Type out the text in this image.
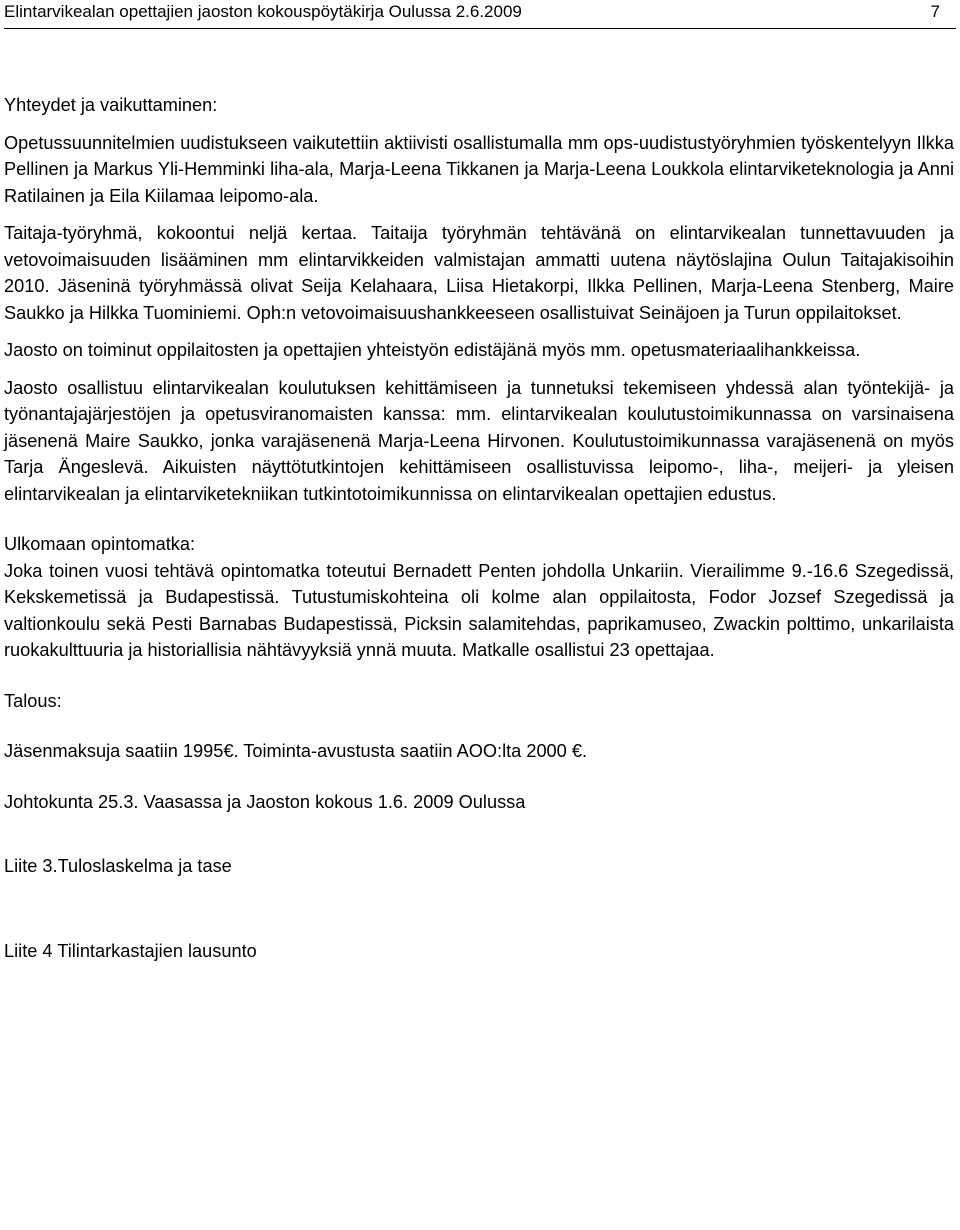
Elintarvikealan opettajien jaoston kokouspöytäkirja Oulussa 2.6.2009	7

Yhteydet ja vaikuttaminen:

Opetussuunnitelmien uudistukseen vaikutettiin aktiivisti osallistumalla mm ops-uudistustyöryhmien työskentelyyn Ilkka Pellinen ja Markus Yli-Hemminki liha-ala, Marja-Leena Tikkanen ja Marja-Leena Loukkola elintarviketeknologia ja Anni Ratilainen ja Eila Kiilamaa leipomo-ala.

Taitaja-työryhmä, kokoontui neljä kertaa. Taitaija työryhmän tehtävänä on elintarvikealan tunnettavuuden ja vetovoimaisuuden lisääminen mm elintarvikkeiden valmistajan ammatti uutena näytöslajina Oulun Taitajakisoihin 2010. Jäseninä työryhmässä olivat Seija Kelahaara, Liisa Hietakorpi, Ilkka Pellinen, Marja-Leena Stenberg, Maire Saukko ja Hilkka Tuominiemi. Oph:n vetovoimaisuushankkeeseen osallistuivat Seinäjoen ja Turun oppilaitokset.

Jaosto on toiminut oppilaitosten ja opettajien yhteistyön edistäjänä myös mm. opetusmateriaalihankkeissa.

Jaosto osallistuu elintarvikealan koulutuksen kehittämiseen ja tunnetuksi tekemiseen yhdessä alan työntekijä- ja työnantajajärjestöjen ja opetusviranomaisten kanssa: mm. elintarvikealan koulutustoimikunnassa on varsinaisena jäsenenä Maire Saukko, jonka varajäsenenä Marja-Leena Hirvonen. Koulutustoimikunnassa varajäsenenä on myös Tarja Ängeslevä. Aikuisten näyttötutkintojen kehittämiseen osallistuvissa leipomo-, liha-, meijeri- ja yleisen elintarvikealan ja elintarviketekniikan tutkintotoimikunnissa on elintarvikealan opettajien edustus.

Ulkomaan opintomatka:

Joka toinen vuosi tehtävä opintomatka toteutui Bernadett Penten johdolla Unkariin. Vierailimme 9.-16.6 Szegedissä, Kekskemetissä ja Budapestissä. Tutustumiskohteina oli kolme alan oppilaitosta, Fodor Jozsef Szegedissä ja valtionkoulu sekä Pesti Barnabas Budapestissä, Picksin salamitehdas, paprikamuseo, Zwackin polttimo, unkarilaista ruokakulttuuria ja historiallisia nähtävyyksiä ynnä muuta. Matkalle osallistui 23 opettajaa.

Talous:

Jäsenmaksuja saatiin 1995€. Toiminta-avustusta saatiin AOO:lta 2000 €.

Johtokunta 25.3. Vaasassa ja Jaoston kokous 1.6. 2009 Oulussa

Liite 3.Tuloslaskelma ja tase

Liite 4 Tilintarkastajien lausunto
